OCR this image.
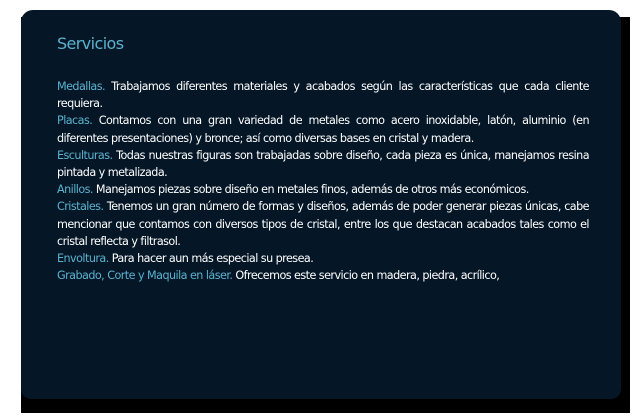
Servicios

Medallas. Trabajamos diferentes materiales y acabados según las características que cada cliente requiera.

Placas. Contamos con una gran variedad de metales como acero inoxidable, latón, aluminio (en diferentes presentaciones) y bronce; así como diversas bases en cristal y madera.

Esculturas. Todas nuestras figuras son trabajadas sobre diseño, cada pieza es única, manejamos resina pintada y metalizada.

Anillos. Manejamos piezas sobre diseño en metales finos, además de otros más económicos.

Cristales. Tenemos un gran número de formas y diseños, además de poder generar piezas únicas, cabe mencionar que contamos con diversos tipos de cristal, entre los que destacan acabados tales como el cristal reflecta y filtrasol.

Envoltura. Para hacer aun más especial su presea.

Grabado, Corte y Maquila en láser. Ofrecemos este servicio en madera, piedra, acrílico,
